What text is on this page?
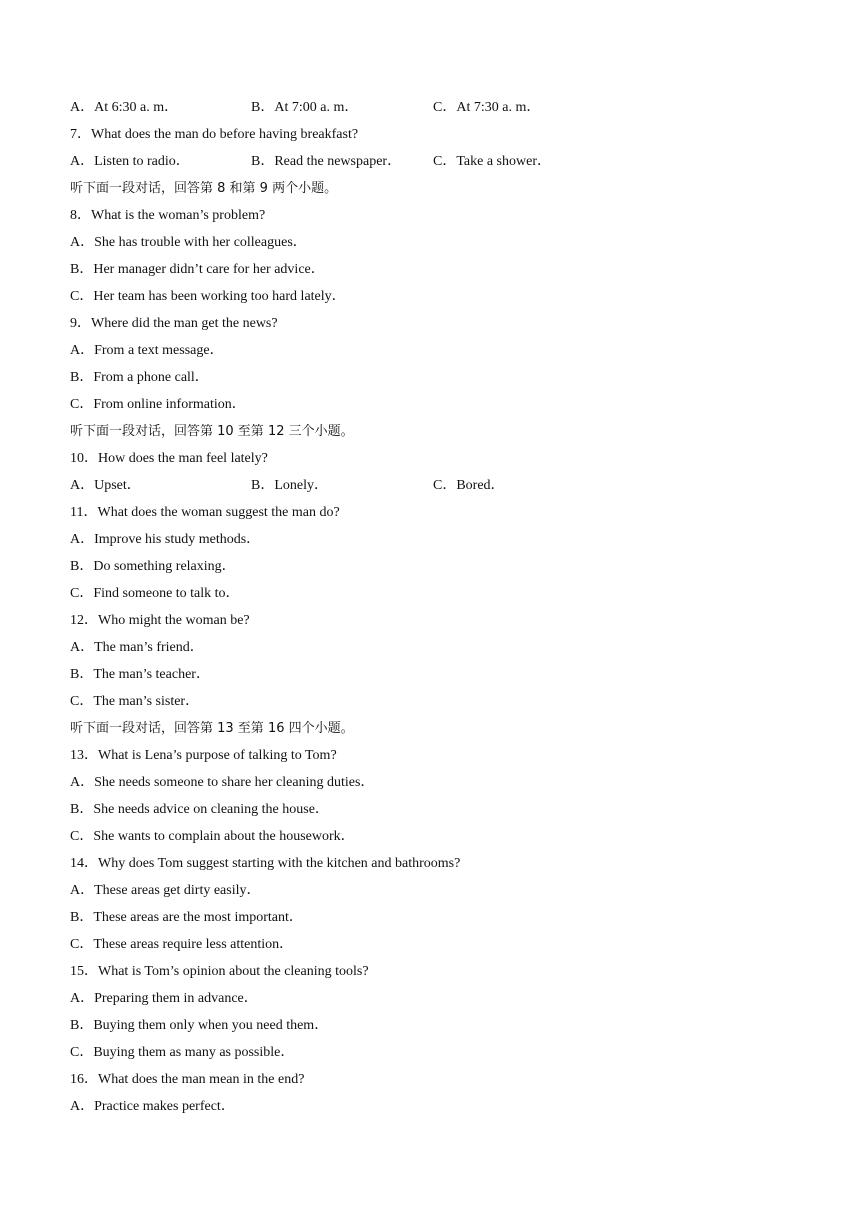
A．At 6:30 a. m．	B．At 7:00 a. m．	C．At 7:30 a. m．
7．What does the man do before having breakfast?
A．Listen to radio．	B．Read the newspaper． C．Take a shower．
听下面一段对话，回答第 8 和第 9 两个小题。
8．What is the woman’s problem?
A．She has trouble with her colleagues．
B．Her manager didn’t care for her advice．
C．Her team has been working too hard lately．
9．Where did the man get the news?
A．From a text message．
B．From a phone call．
C．From online information．
听下面一段对话，回答第 10 至第 12 三个小题。
10．How does the man feel lately?
A．Upset．	B．Lonely．	C．Bored．
11．What does the woman suggest the man do?
A．Improve his study methods．
B．Do something relaxing．
C．Find someone to talk to．
12．Who might the woman be?
A．The man’s friend．
B．The man’s teacher．
C．The man’s sister．
听下面一段对话，回答第 13 至第 16 四个小题。
13．What is Lena’s purpose of talking to Tom?
A．She needs someone to share her cleaning duties．
B．She needs advice on cleaning the house．
C．She wants to complain about the housework．
14．Why does Tom suggest starting with the kitchen and bathrooms?
A．These areas get dirty easily．
B．These areas are the most important．
C．These areas require less attention．
15．What is Tom’s opinion about the cleaning tools?
A．Preparing them in advance．
B．Buying them only when you need them．
C．Buying them as many as possible．
16．What does the man mean in the end?
A．Practice makes perfect．
